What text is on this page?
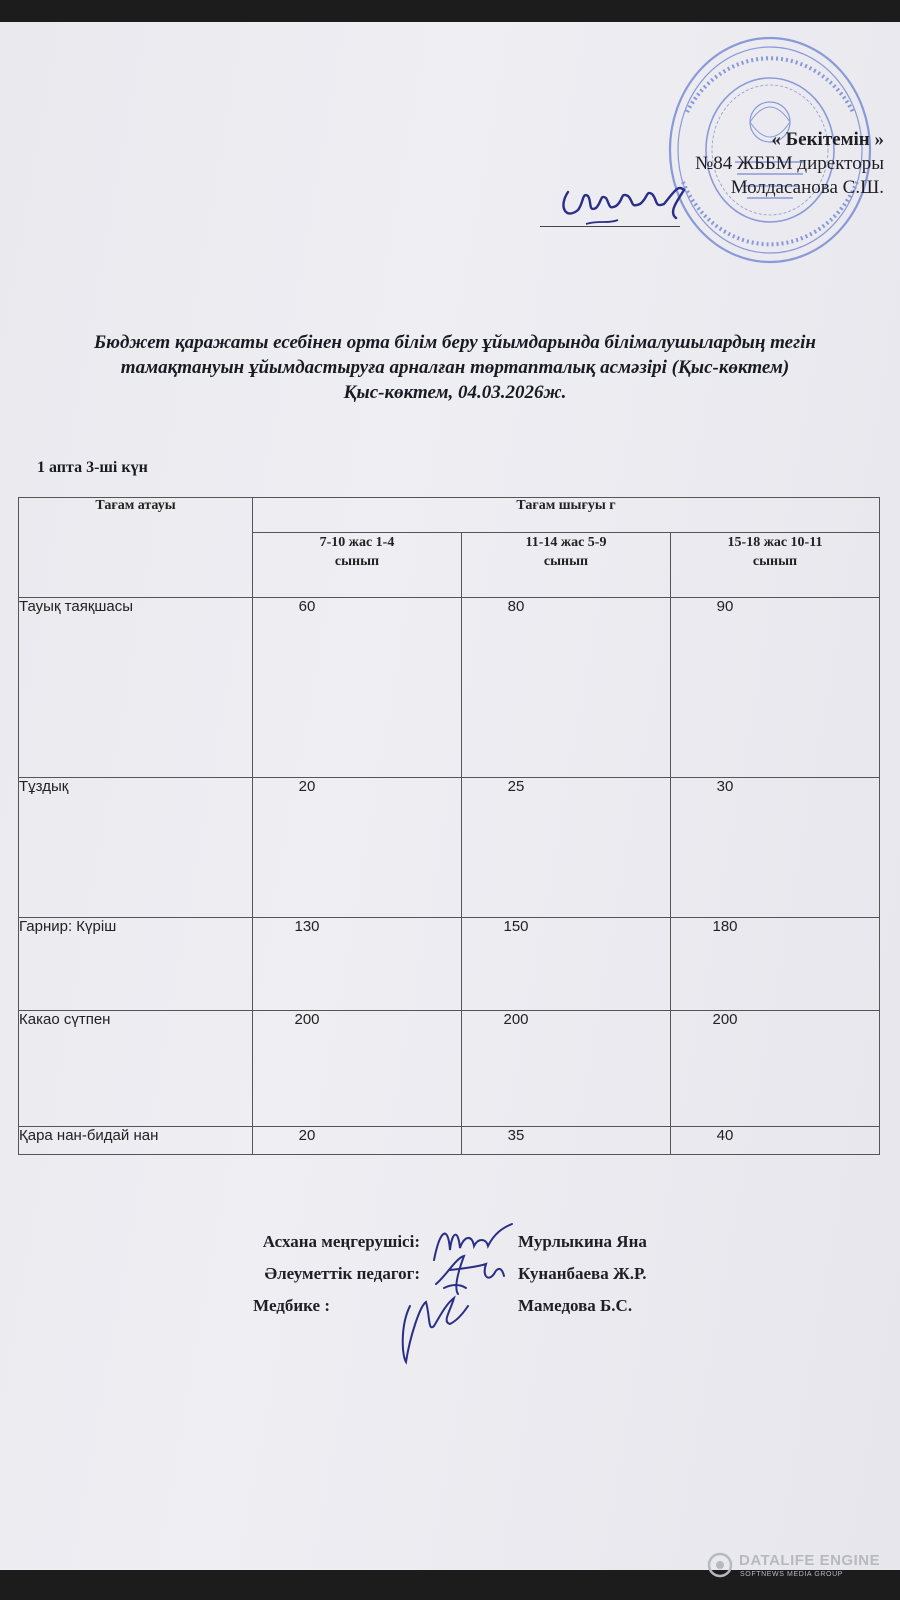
« Бекітемін »
№84 ЖББМ директоры
Молдасанова С.Ш.
Бюджет қаражаты есебінен орта білім беру ұйымдарында білімалушылардың тегін
тамақтануын ұйымдастыруға арналған төртапталық асмәзірі (Қыс-көктем)
Қыс-көктем, 04.03.2026ж.
1 апта 3-ші күн
Тағам атауы	Тағам шығуы г		
	7-10 жас 1-4
сынып	11-14 жас 5-9
сынып	15-18 жас 10-11
сынып
Тауық таяқшасы	60	80	90
Тұздық	20	25	30
Гарнир: Күріш	130	150	180
Какао сүтпен	200	200	200
Қара нан-бидай нан	20	35	40
Асхана меңгерушісі:	Мурлыкина Яна
Әлеуметтік педагог:	Кунанбаева Ж.Р.
Медбике :	Мамедова Б.С.
DATALIFE ENGINE
SOFTNEWS MEDIA GROUP
